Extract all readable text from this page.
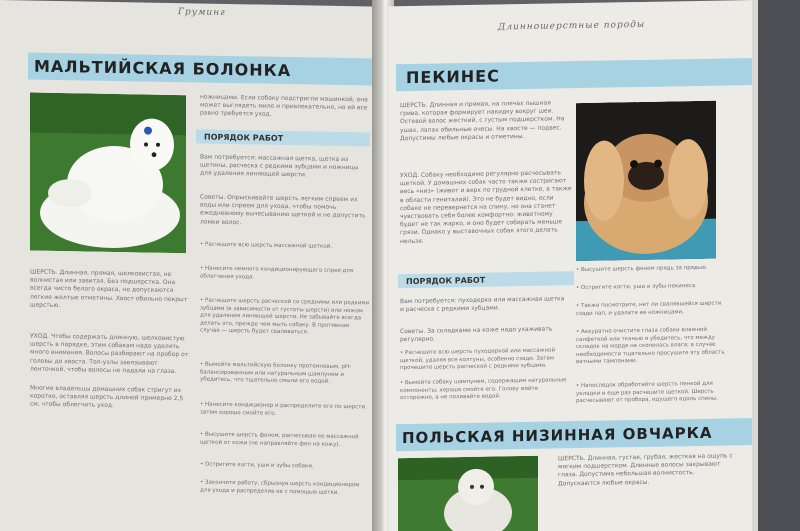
Груминг
МАЛЬТИЙСКАЯ БОЛОНКА

ШЕРСТЬ. Длинная, прямая, шелковистая, не волнистая или завитая. Без подшерстка. Она всегда чисто белого окраса, но допускаются легкие желтые отметины. Хвост обильно покрыт шерстью.

УХОД. Чтобы содержать длинную, шелковистую шерсть в порядке, этим собакам надо уделять много внимания. Волосы разбирают на пробор от головы до хвоста. Топ-узлы завязывают ленточкой, чтобы волосы не падали на глаза.

Многие владельцы домашних собак стригут их коротко, оставляя шерсть длиной примерно 2,5 см, чтобы облегчить уход.

ножницами. Если собаку подстригли машинкой, она может выглядеть мило и привлекательно, но ей все равно требуется уход.

ПОРЯДОК РАБОТ

Вам потребуется: массажная щетка, щетка из щетины, расческа с редкими зубцами и ножницы для удаления линяющей шерсти.

Советы. Опрыскивайте шерсть легким спреем из воды или спреем для ухода, чтобы помочь ежедневному вычесыванию щеткой и не допустить ломки волос.

• Расчешите всю шерсть массажной щеткой.

• Нанесите немного кондиционирующего спрея для облегчения ухода.

• Расчешите шерсть расческой со средними или редкими зубцами (в зависимости от густоты шерсти) или ножом для удаления линяющей шерсти. Не забывайте всегда делать это, прежде чем мыть собаку. В противном случае — шерсть будет сваливаться.

• Вымойте мальтийскую болонку протеиновым, pH-балансированным или натуральным шампунем и убедитесь, что тщательно смыли его водой.

• Нанесите кондиционер и распределите его по шерсти, затем хорошо смойте его.

• Высушите шерсть феном, расчесывая ее массажной щеткой от кожи (не направляйте фен на кожу).

• Остригите когти, уши и зубы собаки.

• Закончите работу, сбрызнув шерсть кондиционером для ухода и распределив ее с помощью щетки.

Длинношерстные породы
ПЕКИНЕС

ШЕРСТЬ. Длинная и прямая, на плечах пышная грива, которая формирует накидку вокруг шеи. Остевой волос жесткий, с густым подшерстком. На ушах, лапах обильные очесы. На хвосте — подвес. Допустимы любые окрасы и отметины.

УХОД. Собаку необходимо регулярно расчесывать щеткой. У домашних собак часто также состригают весь «низ» (живот и верх по грудной клетке, а также в области гениталий). Это не будет видно, если собаке не перевернется на спину, но она станет чувствовать себя более комфортно: животному будет не так жарко, и оно будет собирать меньше грязи. Однако у выставочных собак этого делать нельзя.

• Высушите шерсть феном прядь за прядью.

• Остригите когти, уши и зубы пекинеса.

• Также посмотрите, нет ли свалявшейся шерсти сзади лап, и удалите ее ножницами.

• Аккуратно очистите глаза собаки влажной салфеткой или тканью и убедитесь, что между складок на морде не скопилась влага; в случае необходимости тщательно просушите эту область ватными тампонами.

• Напоследок обработайте шерсть пенкой для укладки и еще раз расчешите щеткой. Шерсть расчесывают от пробора, идущего вдоль спины.

ПОРЯДОК РАБОТ

Вам потребуется: пуходерка или массажная щетка и расческа с редкими зубцами.

Советы. За складками на коже надо ухаживать регулярно.

• Расчешите всю шерсть пуходеркой или массажной щеткой, удаляя все колтуны, особенно сзади. Затем прочешите шерсть расческой с редкими зубцами.

• Вымойте собаку шампунем, содержащим натуральные компоненты, хорошо смойте его. Голову мойте осторожно, а не поливайте водой.

ПОЛЬСКАЯ НИЗИННАЯ ОВЧАРКА

ШЕРСТЬ. Длинная, густая, грубая, жесткая на ощупь с мягким подшерстком. Длинные волосы закрывают глаза. Допустима небольшая волнистость. Допускаются любые окрасы.
